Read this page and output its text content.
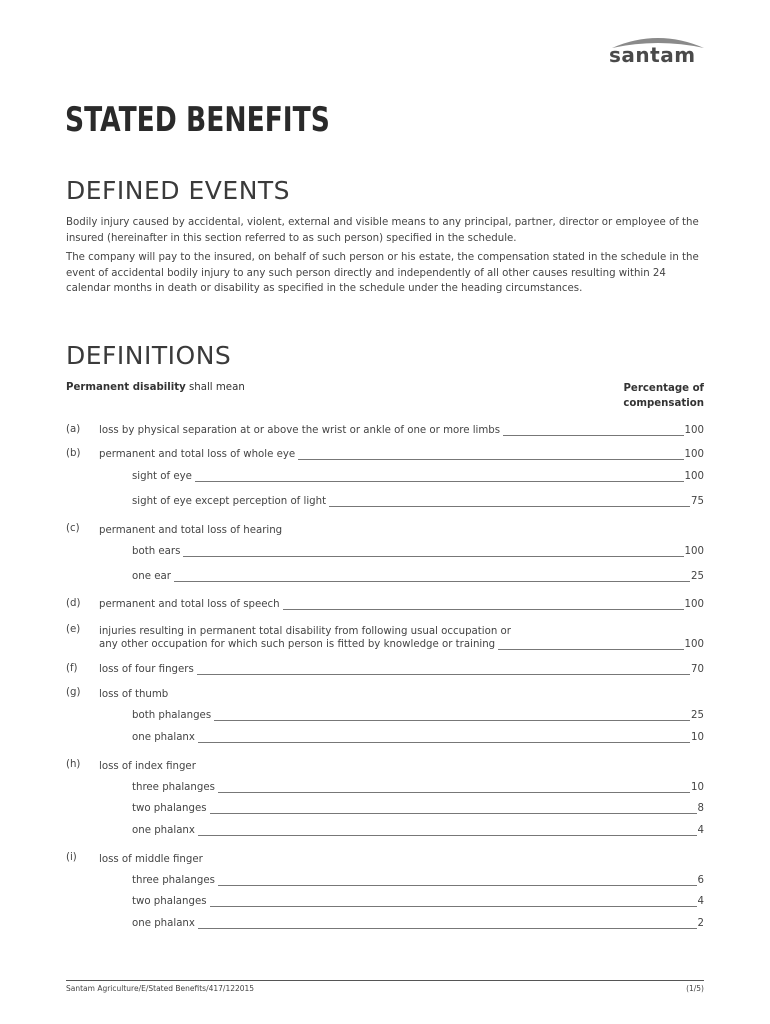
santam
STATED BENEFITS
DEFINED EVENTS

Bodily injury caused by accidental, violent, external and visible means to any principal, partner, director or employee of the insured (hereinafter in this section referred to as such person) specified in the schedule.

The company will pay to the insured, on behalf of such person or his estate, the compensation stated in the schedule in the event of accidental bodily injury to any such person directly and independently of all other causes resulting within 24 calendar months in death or disability as specified in the schedule under the heading circumstances.

DEFINITIONS
Permanent disability shall mean	Percentage of compensation
(a) loss by physical separation at or above the wrist or ankle of one or more limbs	100
(b) permanent and total loss of whole eye	100
sight of eye	100
sight of eye except perception of light	75
(c) permanent and total loss of hearing
both ears	100
one ear	25
(d) permanent and total loss of speech	100
(e) injuries resulting in permanent total disability from following usual occupation or
any other occupation for which such person is fitted by knowledge or training	100
(f) loss of four fingers	70
(g) loss of thumb
both phalanges	25
one phalanx	10
(h) loss of index finger
three phalanges	10
two phalanges	8
one phalanx	4
(i) loss of middle finger
three phalanges	6
two phalanges	4
one phalanx	2
Santam Agriculture/E/Stated Benefits/417/122015	(1/5)
